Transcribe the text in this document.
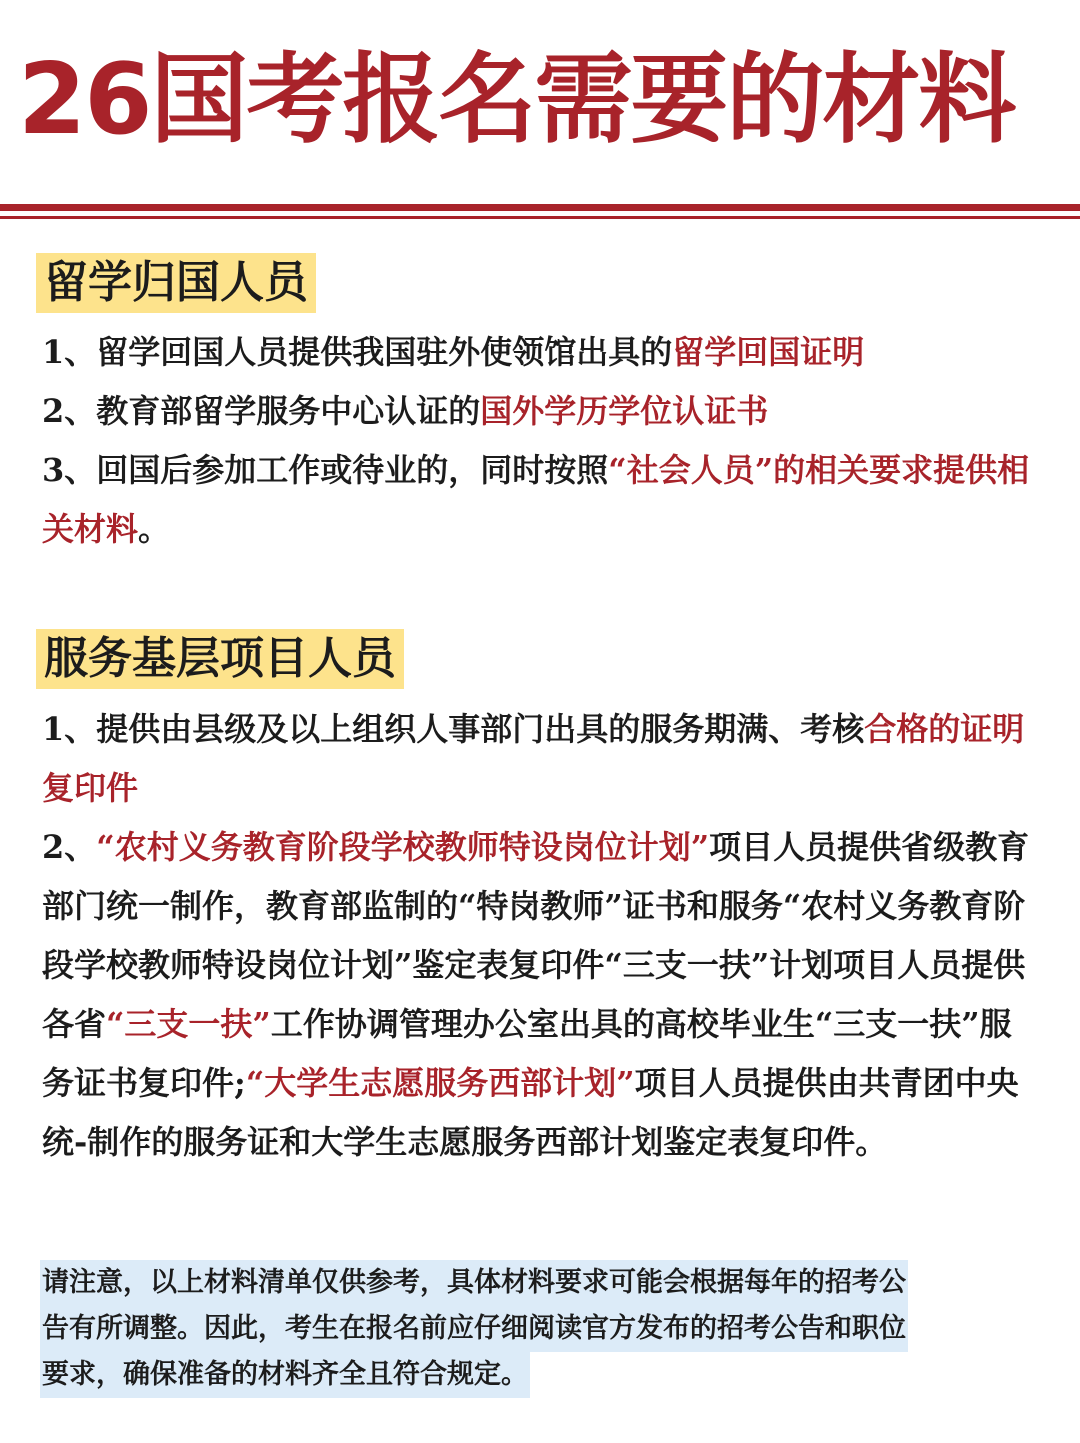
26国考报名需要的材料
留学归国人员
1、留学回国人员提供我国驻外使领馆出具的留学回国证明
2、教育部留学服务中心认证的国外学历学位认证书
3、回国后参加工作或待业的，同时按照“社会人员”的相关要求提供相关材料。
服务基层项目人员
1、提供由县级及以上组织人事部门出具的服务期满、考核合格的证明复印件
2、“农村义务教育阶段学校教师特设岗位计划”项目人员提供省级教育部门统一制作，教育部监制的“特岗教师”证书和服务“农村义务教育阶段学校教师特设岗位计划”鉴定表复印件“三支一扶”计划项目人员提供各省“三支一扶”工作协调管理办公室出具的高校毕业生“三支一扶”服务证书复印件;“大学生志愿服务西部计划”项目人员提供由共青团中央统-制作的服务证和大学生志愿服务西部计划鉴定表复印件。
请注意，以上材料清单仅供参考，具体材料要求可能会根据每年的招考公
告有所调整。因此，考生在报名前应仔细阅读官方发布的招考公告和职位
要求，确保准备的材料齐全且符合规定。
